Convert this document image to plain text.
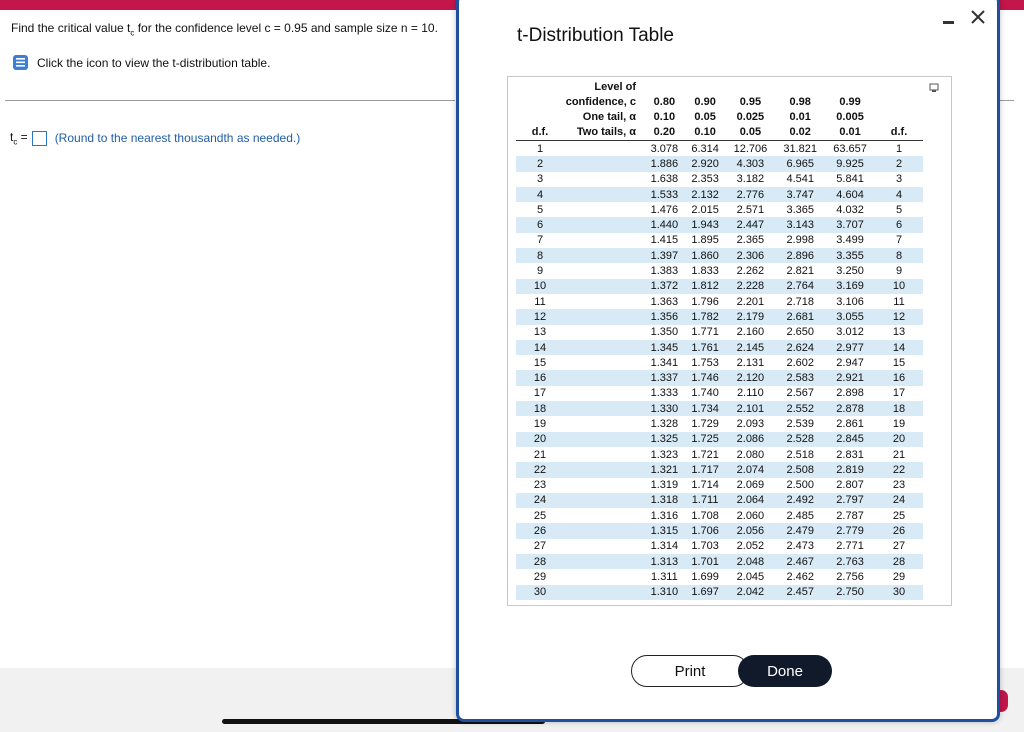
Find the critical value $t_c$ for the confidence level c = 0.95 and sample size n = 10.
Click the icon to view the t-distribution table.
$t_c$ = (Round to the nearest thousandth as needed.)
t-Distribution Table
	Level of						
	confidence, c	0.80	0.90	0.95	0.98	0.99	
	One tail, α	0.10	0.05	0.025	0.01	0.005	
d.f.	Two tails, α	0.20	0.10	0.05	0.02	0.01	d.f.
1		3.078	6.314	12.706	31.821	63.657	1
2		1.886	2.920	4.303	6.965	9.925	2
3		1.638	2.353	3.182	4.541	5.841	3
4		1.533	2.132	2.776	3.747	4.604	4
5		1.476	2.015	2.571	3.365	4.032	5
6		1.440	1.943	2.447	3.143	3.707	6
7		1.415	1.895	2.365	2.998	3.499	7
8		1.397	1.860	2.306	2.896	3.355	8
9		1.383	1.833	2.262	2.821	3.250	9
10		1.372	1.812	2.228	2.764	3.169	10
11		1.363	1.796	2.201	2.718	3.106	11
12		1.356	1.782	2.179	2.681	3.055	12
13		1.350	1.771	2.160	2.650	3.012	13
14		1.345	1.761	2.145	2.624	2.977	14
15		1.341	1.753	2.131	2.602	2.947	15
16		1.337	1.746	2.120	2.583	2.921	16
17		1.333	1.740	2.110	2.567	2.898	17
18		1.330	1.734	2.101	2.552	2.878	18
19		1.328	1.729	2.093	2.539	2.861	19
20		1.325	1.725	2.086	2.528	2.845	20
21		1.323	1.721	2.080	2.518	2.831	21
22		1.321	1.717	2.074	2.508	2.819	22
23		1.319	1.714	2.069	2.500	2.807	23
24		1.318	1.711	2.064	2.492	2.797	24
25		1.316	1.708	2.060	2.485	2.787	25
26		1.315	1.706	2.056	2.479	2.779	26
27		1.314	1.703	2.052	2.473	2.771	27
28		1.313	1.701	2.048	2.467	2.763	28
29		1.311	1.699	2.045	2.462	2.756	29
30		1.310	1.697	2.042	2.457	2.750	30
Print	Done
